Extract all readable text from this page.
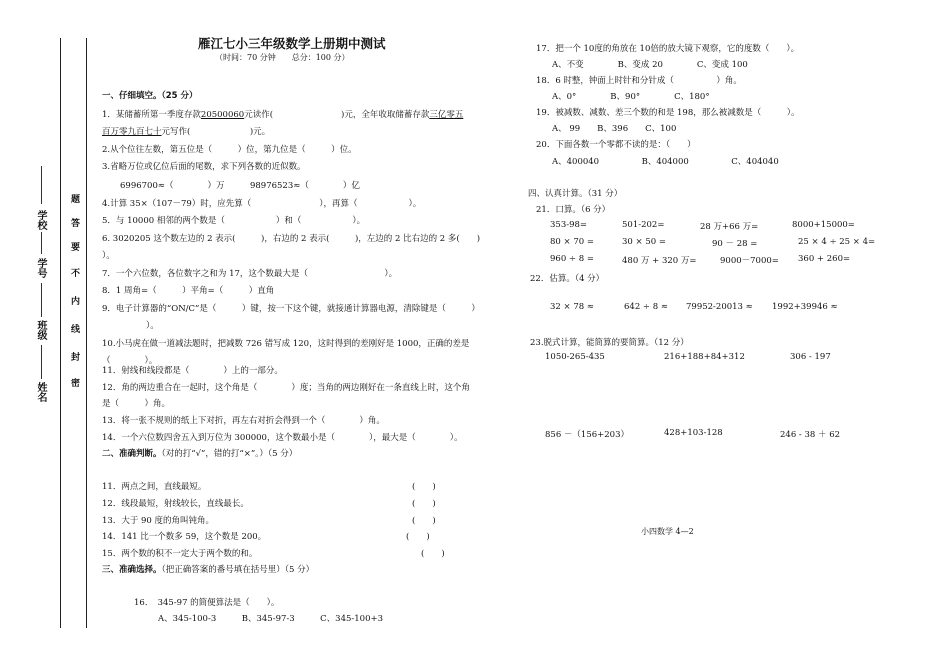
学校
学号
班级
姓名
题
答
要
不
内
线
封
密
雁江七小三年级数学上册期中测试
（时间：70 分钟　　总分：100 分）
一、仔细填空。（25 分）
1．某储蓄所第一季度存款20500060元读作(　　　　　　　　)元，全年收取储蓄存款三亿零五
百万零九百七十元写作(　　　　　　　)元。
2.从个位往左数，第五位是（　　　）位，第九位是（　　　）位。
3.省略万位或亿位后面的尾数，求下列各数的近似数。
6996700≈（　　　　）万　　　98976523≈（　　　　）亿
4.计算 35×（107－79）时，应先算（　　　　　　　　），再算（　　　　　　）。
5．与 10000 相邻的两个数是（　　　　　　）和（　　　　　　）。
6. 3020205 这个数左边的 2 表示(　　　)，右边的 2 表示(　　　)，左边的 2 比右边的 2 多(　　)
）。
7．一个六位数，各位数字之和为 17，这个数最大是（　　　　　　　　　）。
8．1 周角=（　　　）平角=（　　　）直角
9．电子计算器的“ON/C”是（　　　）键，按一下这个键，就接通计算器电源，清除键是（　　　）
）。
10.小马虎在做一道减法题时，把减数 726 错写成 120，这时得到的差刚好是 1000，正确的差是
（　　　　）。
11．射线和线段都是（　　　　）上的一部分。
12．角的两边重合在一起时，这个角是（　　　　）度；当角的两边刚好在一条直线上时，这个角
是（　　　）角。
13．将一张不规则的纸上下对折，再左右对折会得到一个（　　　　）角。
14．一个六位数四舍五入到万位为 300000，这个数最小是（　　　　），最大是（　　　　）。
二、准确判断。（对的打“√”，错的打“×”。）（5 分）
11．两点之间，直线最短。	(　　)
12．线段最短，射线较长，直线最长。	(　　)
13．大于 90 度的角叫钝角。	(　　)
14．141 比一个数多 59，这个数是 200。	(　　)
15．两个数的积不一定大于两个数的和。	(　　)
三、准确选择。（把正确答案的番号填在括号里）（5 分）
16．　345-97 的简便算法是（　　）。
A、345-100-3　　　B、345-97-3　　　C、345-100+3
17．把一个 10度的角放在 10倍的放大镜下观察，它的度数（　　）。
A、不变　　　　B、变成 20　　　　C、变成 100
18．6 时整，钟面上时针和分针成（　　　　　）角。
A、0°　　　　B、90°　　　　C、180°
19．被减数、减数、差三个数的和是 198，那么被减数是（　　　）。
A、 99　　B、396　　C、100
20．下面各数一个零都不读的是：（　　）
A、400040　　　　　B、404000　　　　　C、404040
四、认真计算。（31 分）
21．口算。（6 分）
353-98=	501-202=	28 万+66 万=	8000+15000=
80 × 70 =	30 × 50 =	90 － 28 =	25 × 4 ÷ 25 × 4=
960 ÷ 8 =	480 万 + 320 万=	9000－7000= 360 + 260=
22．估算。（4 分）
32 × 78 ≈	642 ÷ 8 ≈ 79952-20013 ≈ 1992+39946 ≈
23.脱式计算，能简算的要简算。（12 分）
1050-265-435	216+188+84+312	306 - 197
856 －（156+203）	428+103-128	246 - 38 ＋ 62
小四数学 4—2
